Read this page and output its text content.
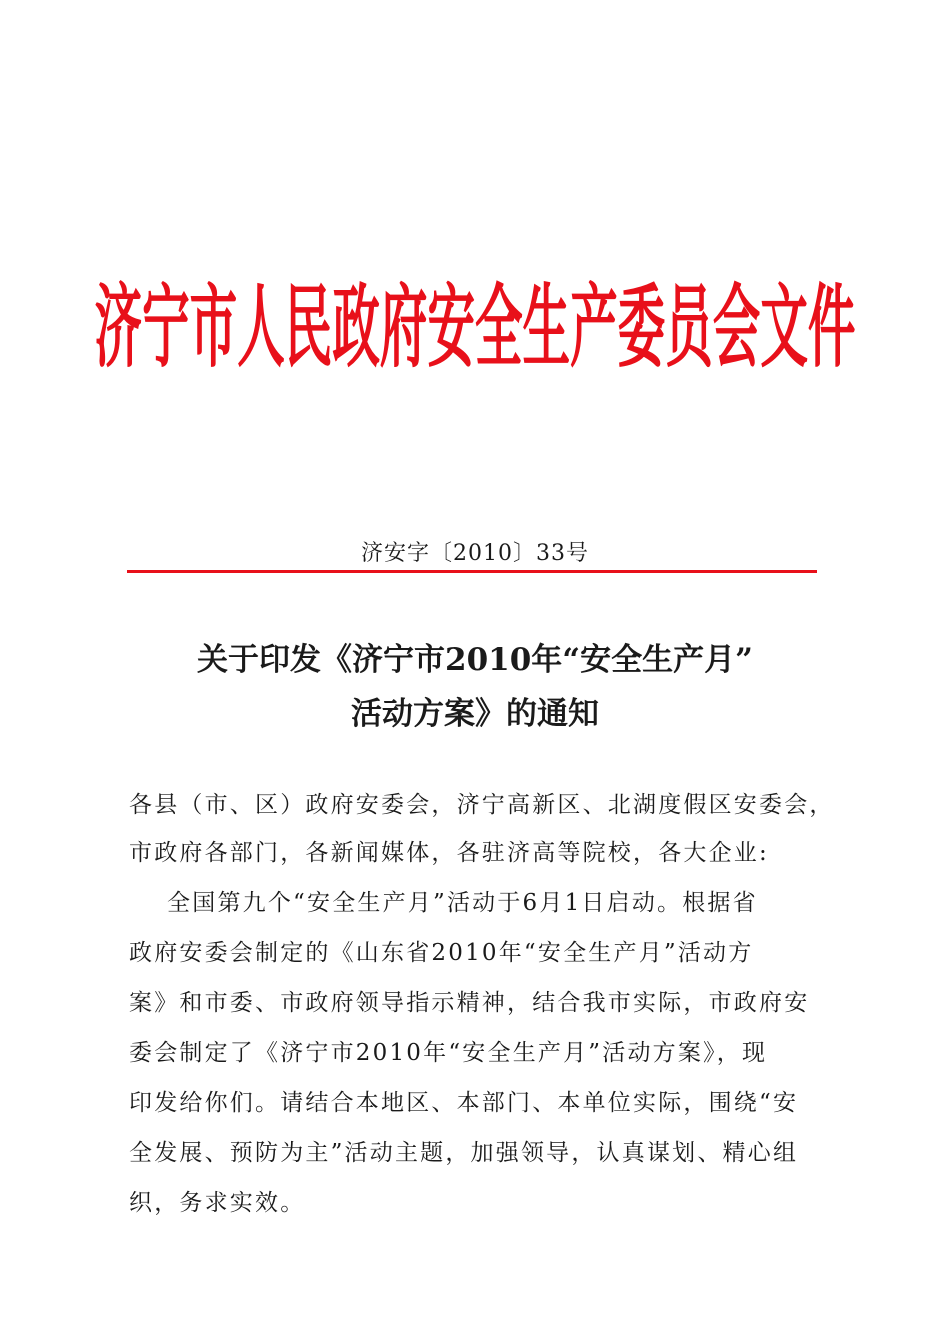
济宁市人民政府安全生产委员会文件
济安字〔2010〕33号
关于印发《济宁市2010年“安全生产月”
活动方案》的通知
各县（市、区）政府安委会，济宁高新区、北湖度假区安委会，
市政府各部门，各新闻媒体，各驻济高等院校，各大企业:
全国第九个“安全生产月”活动于6月1日启动。根据省
政府安委会制定的《山东省2010年“安全生产月”活动方
案》和市委、市政府领导指示精神，结合我市实际，市政府安
委会制定了《济宁市2010年“安全生产月”活动方案》，现
印发给你们。请结合本地区、本部门、本单位实际，围绕“安
全发展、预防为主”活动主题，加强领导，认真谋划、精心组
织，务求实效。
